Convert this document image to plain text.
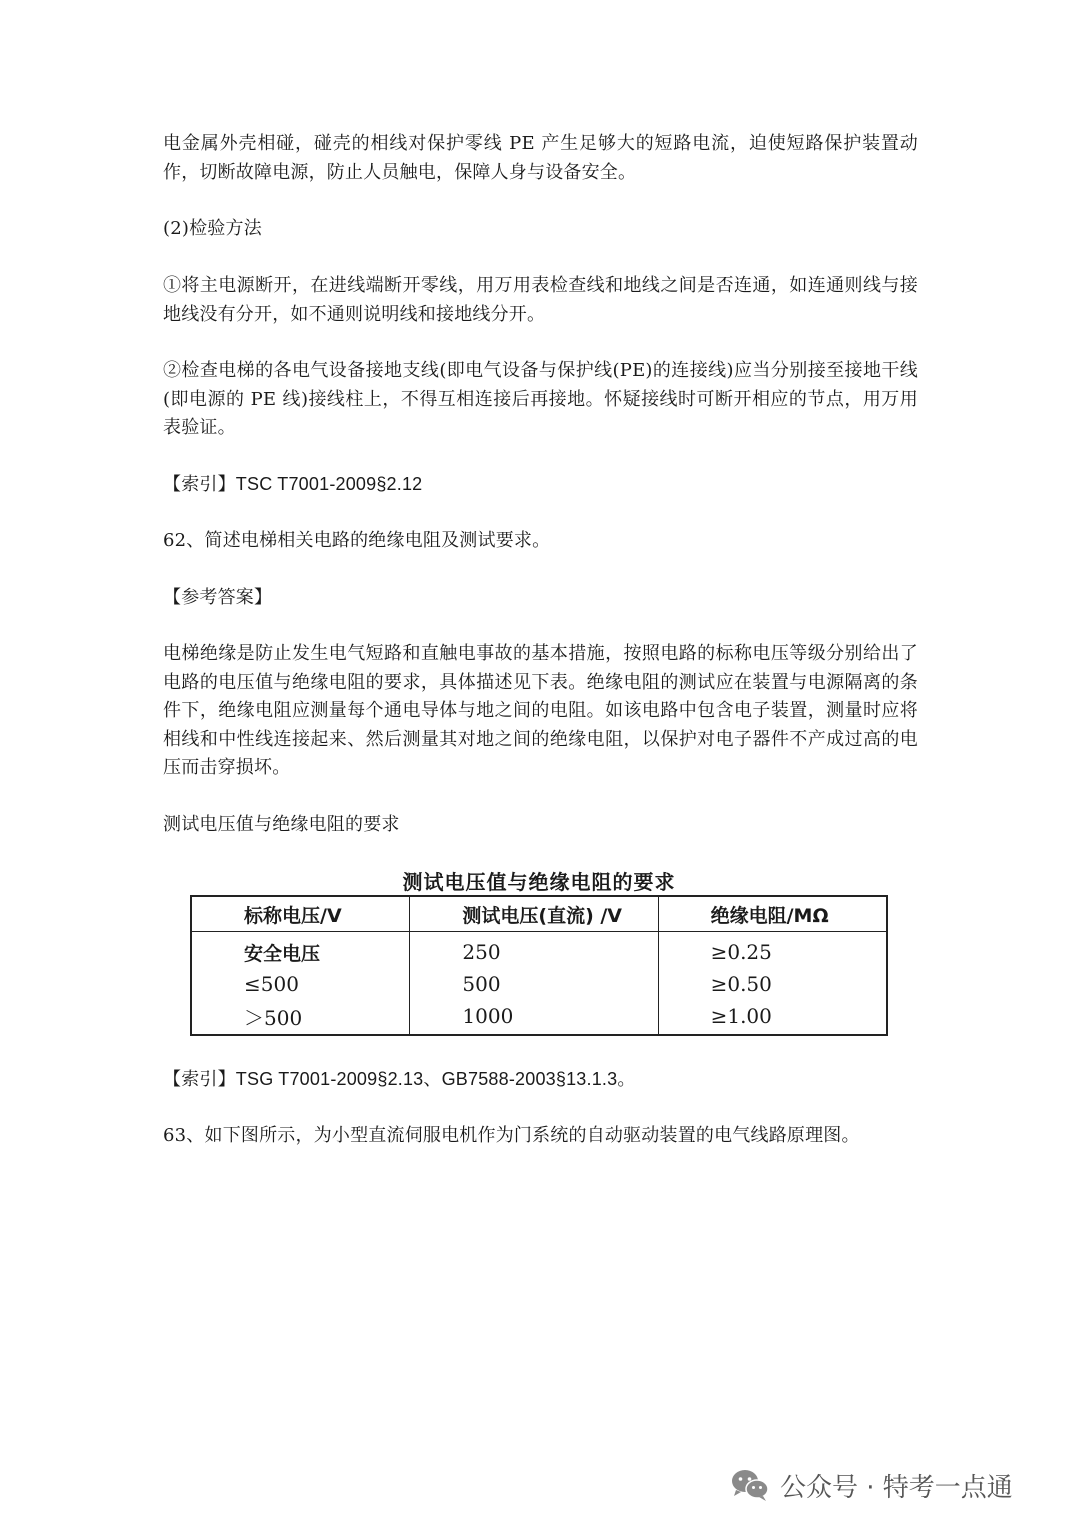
电金属外壳相碰，碰壳的相线对保护零线 PE 产生足够大的短路电流，迫使短路保护装置动作，切断故障电源，防止人员触电，保障人身与设备安全。

(2)检验方法

①将主电源断开，在进线端断开零线，用万用表检查线和地线之间是否连通，如连通则线与接地线没有分开，如不通则说明线和接地线分开。

②检查电梯的各电气设备接地支线(即电气设备与保护线(PE)的连接线)应当分别接至接地干线(即电源的 PE 线)接线柱上，不得互相连接后再接地。怀疑接线时可断开相应的节点，用万用表验证。

【索引】TSC T7001-2009§2.12

62、简述电梯相关电路的绝缘电阻及测试要求。

【参考答案】

电梯绝缘是防止发生电气短路和直触电事故的基本措施，按照电路的标称电压等级分别给出了电路的电压值与绝缘电阻的要求，具体描述见下表。绝缘电阻的测试应在装置与电源隔离的条件下，绝缘电阻应测量每个通电导体与地之间的电阻。如该电路中包含电子装置，测量时应将相线和中性线连接起来、然后测量其对地之间的绝缘电阻，以保护对电子器件不产成过高的电压而击穿损坏。

测试电压值与绝缘电阻的要求

测试电压值与绝缘电阻的要求
标称电压/V	测试电压(直流) /V	绝缘电阻/MΩ
安全电压	250	≥0.25
≤500	500	≥0.50
＞500	1000	≥1.00

【索引】TSG T7001-2009§2.13、GB7588-2003§13.1.3。

63、如下图所示，为小型直流伺服电机作为门系统的自动驱动装置的电气线路原理图。

公众号 · 特考一点通
